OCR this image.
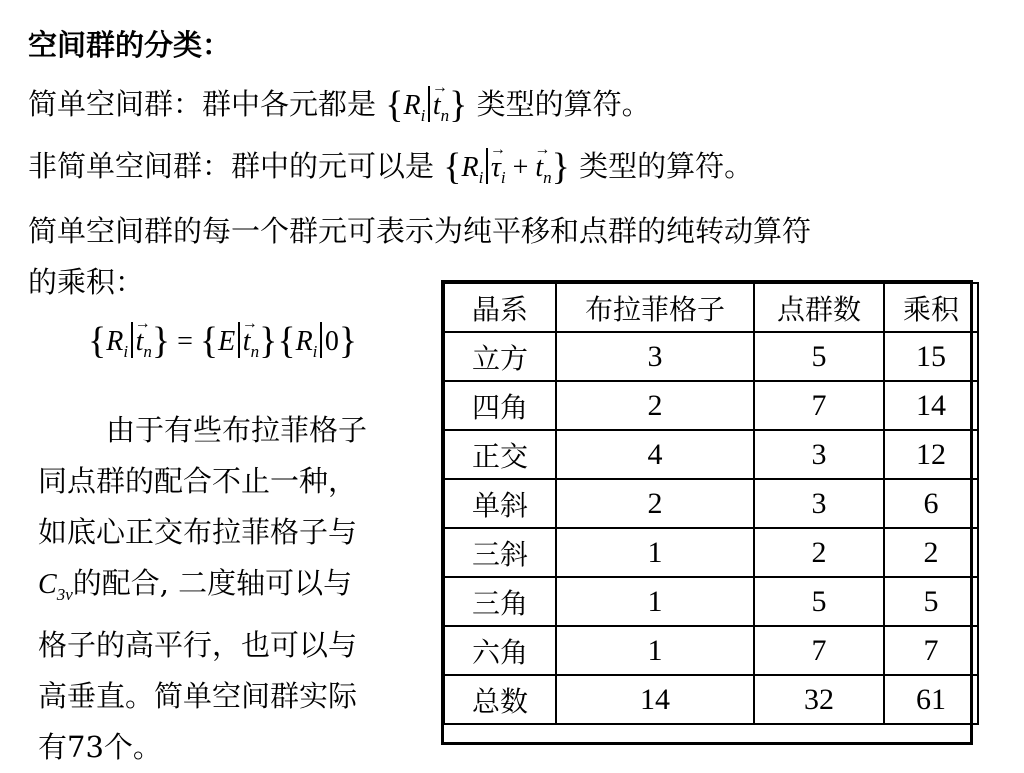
空间群的分类：
简单空间群：群中各元都是 $\{R_i \to t_n\}$ 类型的算符。
非简单空间群：群中的元可以是 {$R_i \to \tau_i$ + → $t_n$} 类型的算符。
简单空间群的每一个群元可表示为纯平移和点群的纯转动算符
的乘积：
$\{R_i \to t_n\} = \{E \to t_n\}\{R_i$ 0}
由于有些布拉菲格子
同点群的配合不止一种，
如底心正交布拉菲格子与
$C_{3v}$的配合, 二度轴可以与
格子的高平行，也可以与
高垂直。简单空间群实际
有73个。
晶系	布拉菲格子	点群数	乘积
立方	3	5	15
四角	2	7	14
正交	4	3	12
单斜	2	3	6
三斜	1	2	2
三角	1	5	5
六角	1	7	7
总数	14	32	61
